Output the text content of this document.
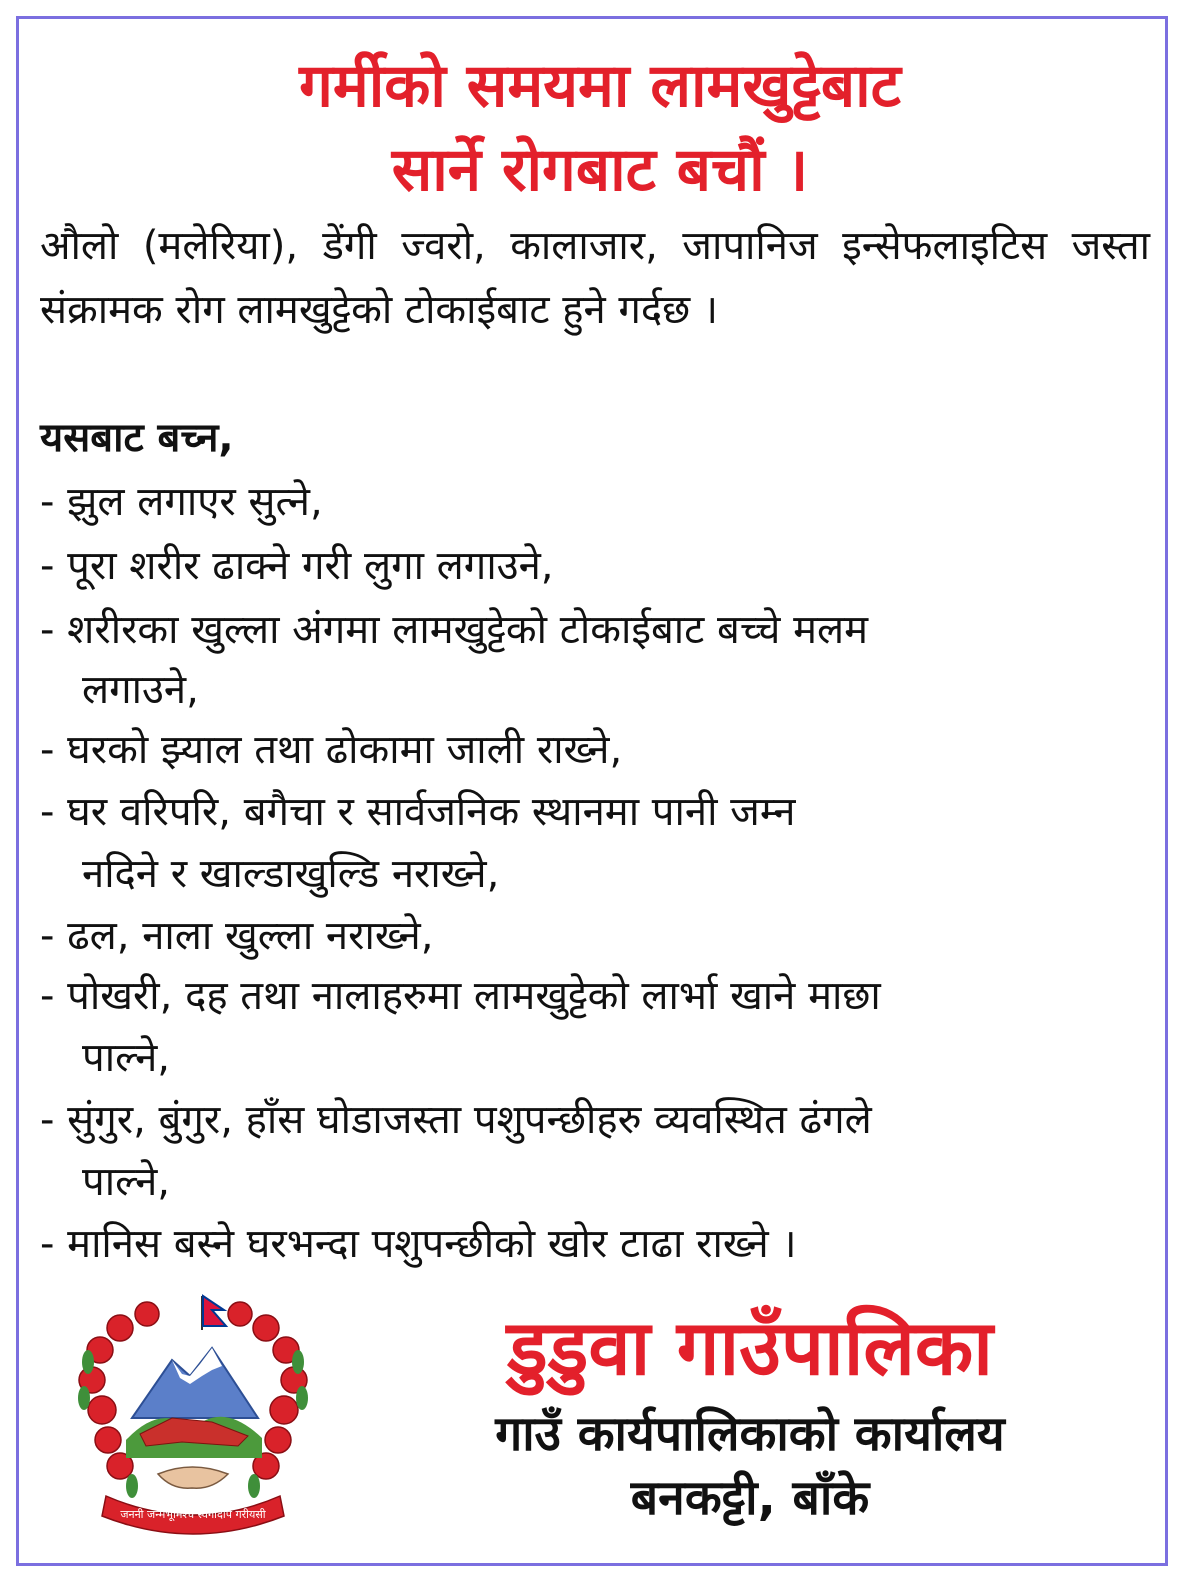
गर्मीको समयमा लामखुट्टेबाट
सार्ने रोगबाट बचौं ।
औलो (मलेरिया), डेंगी ज्वरो, कालाजार, जापानिज इन्सेफलाइटिस जस्ता संक्रामक रोग लामखुट्टेको टोकाईबाट हुने गर्दछ ।
यसबाट बच्न,
- झुल लगाएर सुत्ने,
- पूरा शरीर ढाक्ने गरी लुगा लगाउने,
- शरीरका खुल्ला अंगमा लामखुट्टेको टोकाईबाट बच्चे मलम
लगाउने,
- घरको झ्याल तथा ढोकामा जाली राख्ने,
- घर वरिपरि, बगैचा र सार्वजनिक स्थानमा पानी जम्न
नदिने र खाल्डाखुल्डि नराख्ने,
- ढल, नाला खुल्ला नराख्ने,
- पोखरी, दह तथा नालाहरुमा लामखुट्टेको लार्भा खाने माछा
पाल्ने,
- सुंगुर, बुंगुर, हाँस घोडाजस्ता पशुपन्छीहरु व्यवस्थित ढंगले
पाल्ने,
- मानिस बस्ने घरभन्दा पशुपन्छीको खोर टाढा राख्ने ।
जननी जन्मभूमिश्च स्वर्गादपि गरीयसी
डुडुवा गाउँपालिका
गाउँ कार्यपालिकाको कार्यालय
बनकट्टी, बाँके
